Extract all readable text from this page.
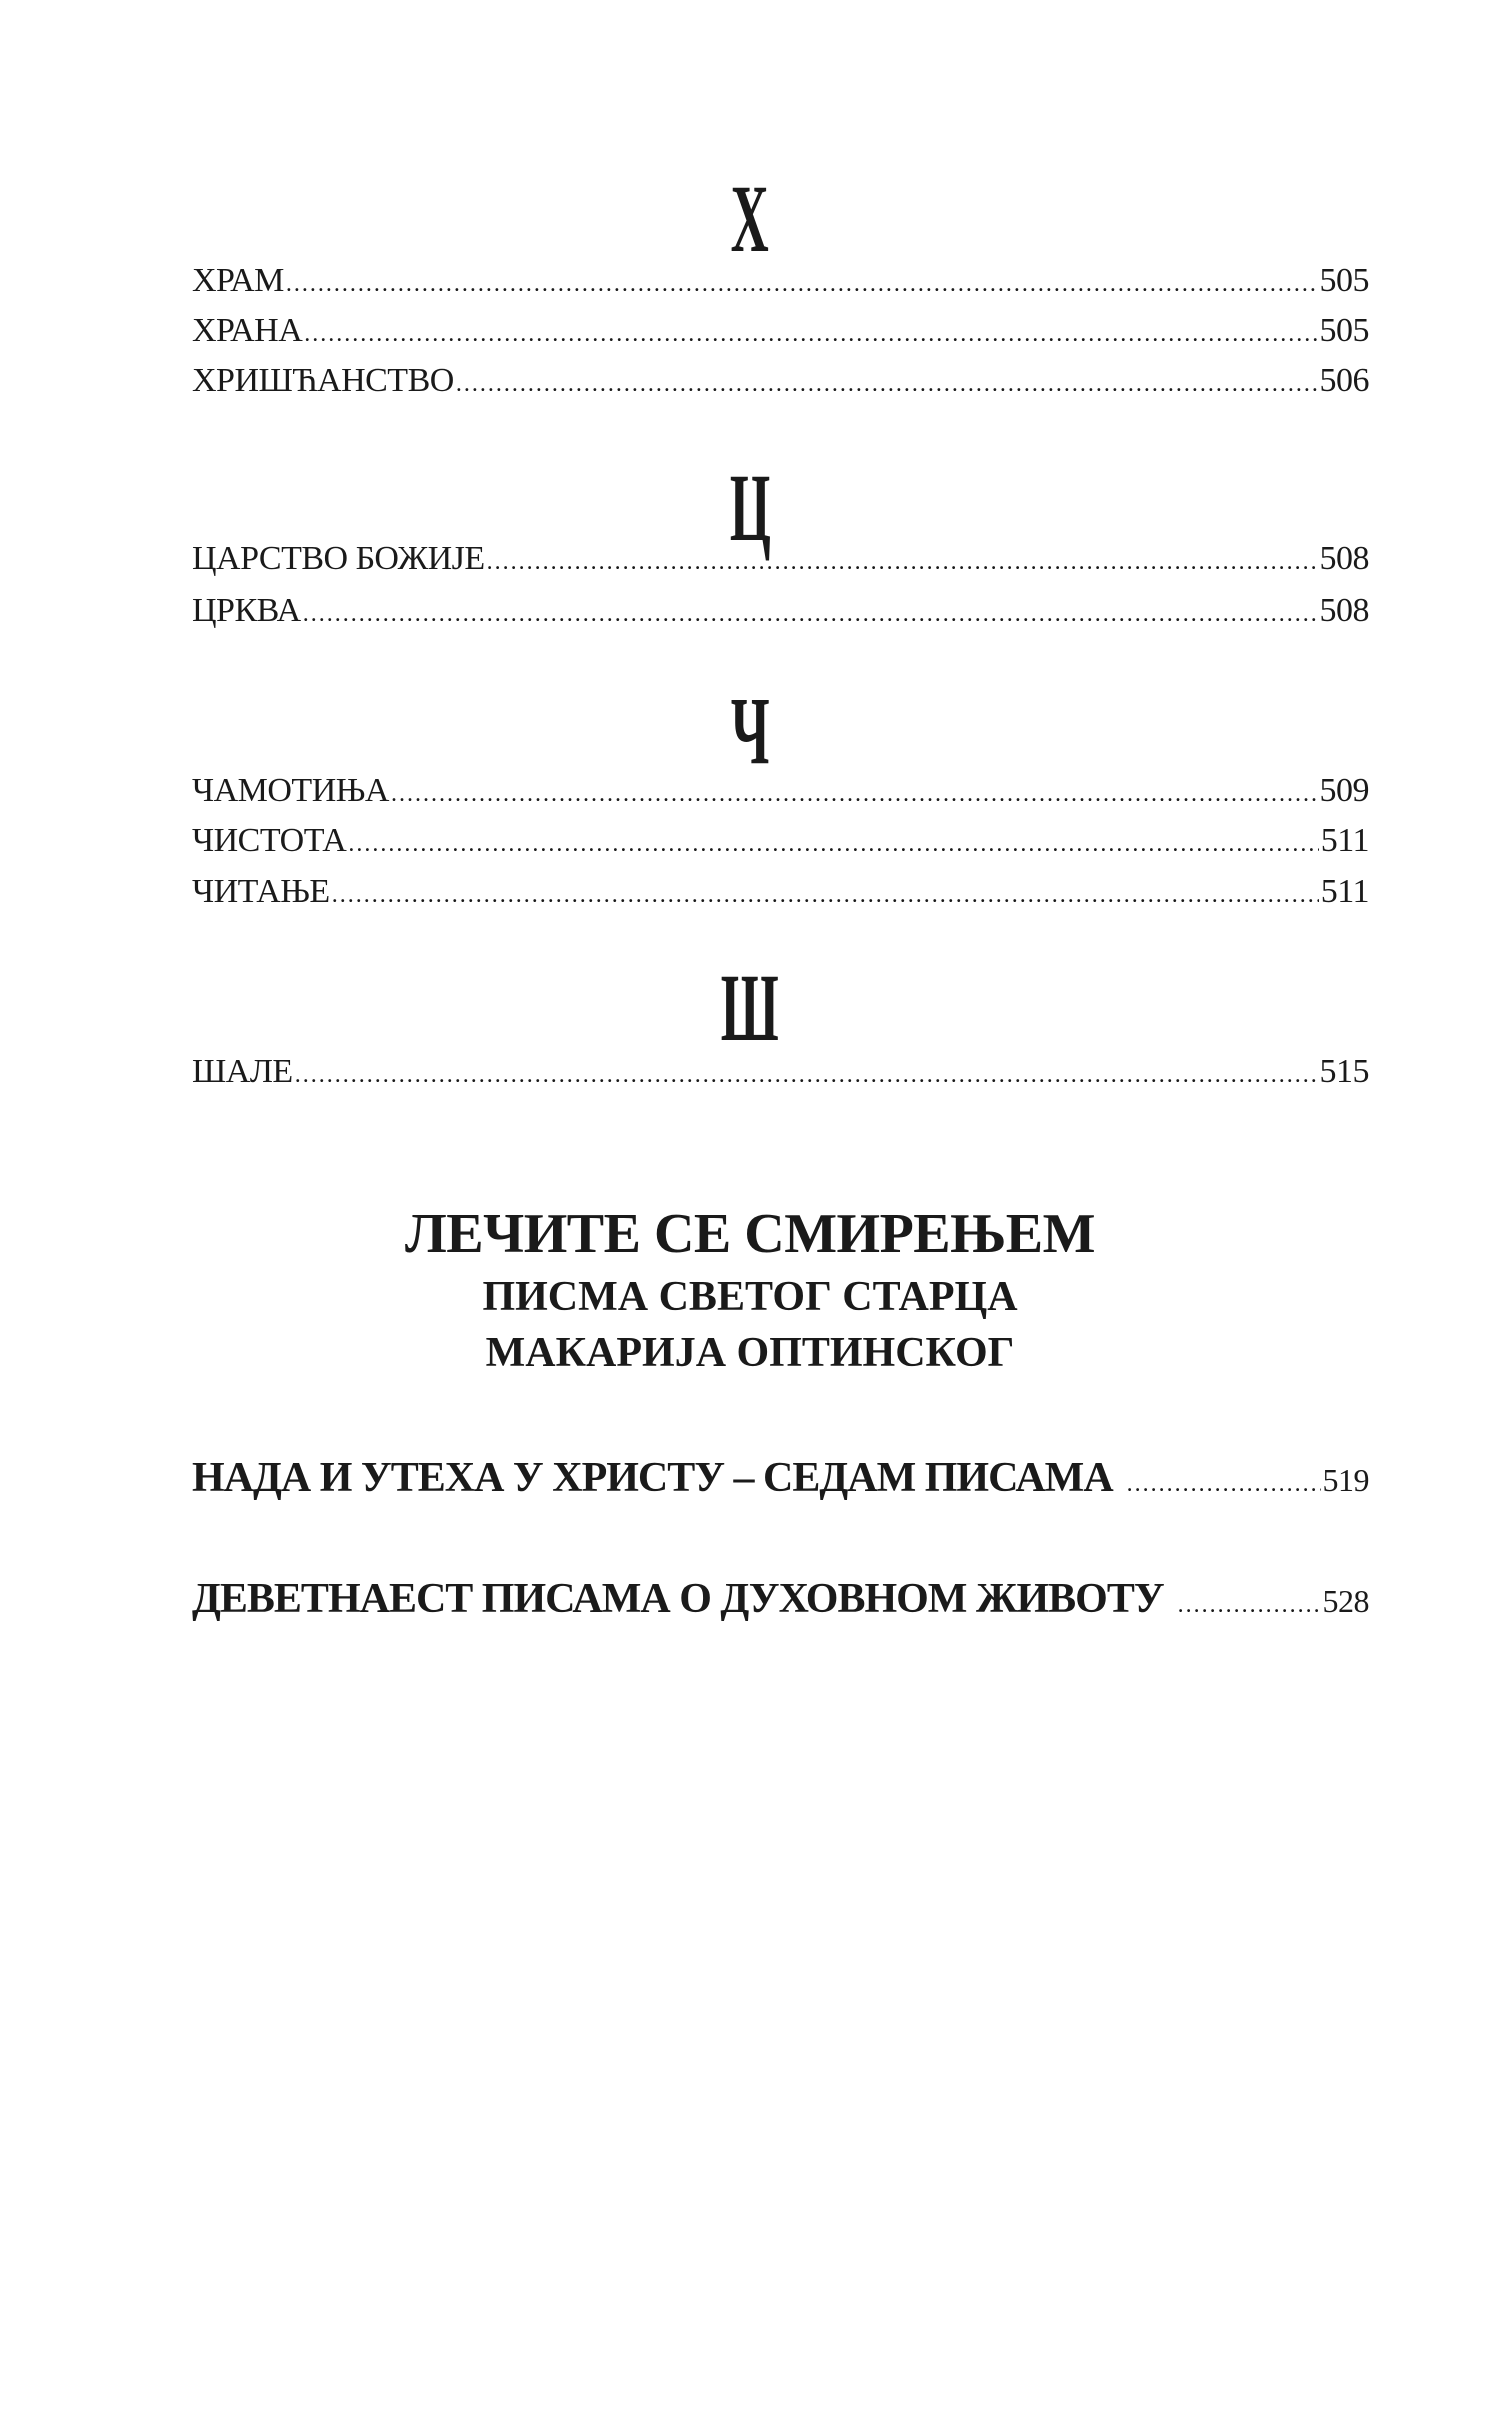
Х
ХРАМ .....	505
ХРАНА .....	505
ХРИШЋАНСТВО .....	506
Ц
ЦАРСТВО БОЖИЈЕ .....	508
ЦРКВА .....	508
Ч
ЧАМОТИЊА .....	509
ЧИСТОТА .....	511
ЧИТАЊЕ .....	511
Ш
ШАЛЕ .....	515
ЛЕЧИТЕ СЕ СМИРЕЊЕМ
ПИСМА СВЕТОГ СТАРЦА
МАКАРИЈА ОПТИНСКОГ
НАДА И УТЕХА У ХРИСТУ – СЕДАМ ПИСАМА .....	519
ДЕВЕТНАЕСТ ПИСАМА О ДУХОВНОМ ЖИВОТУ .....	528
